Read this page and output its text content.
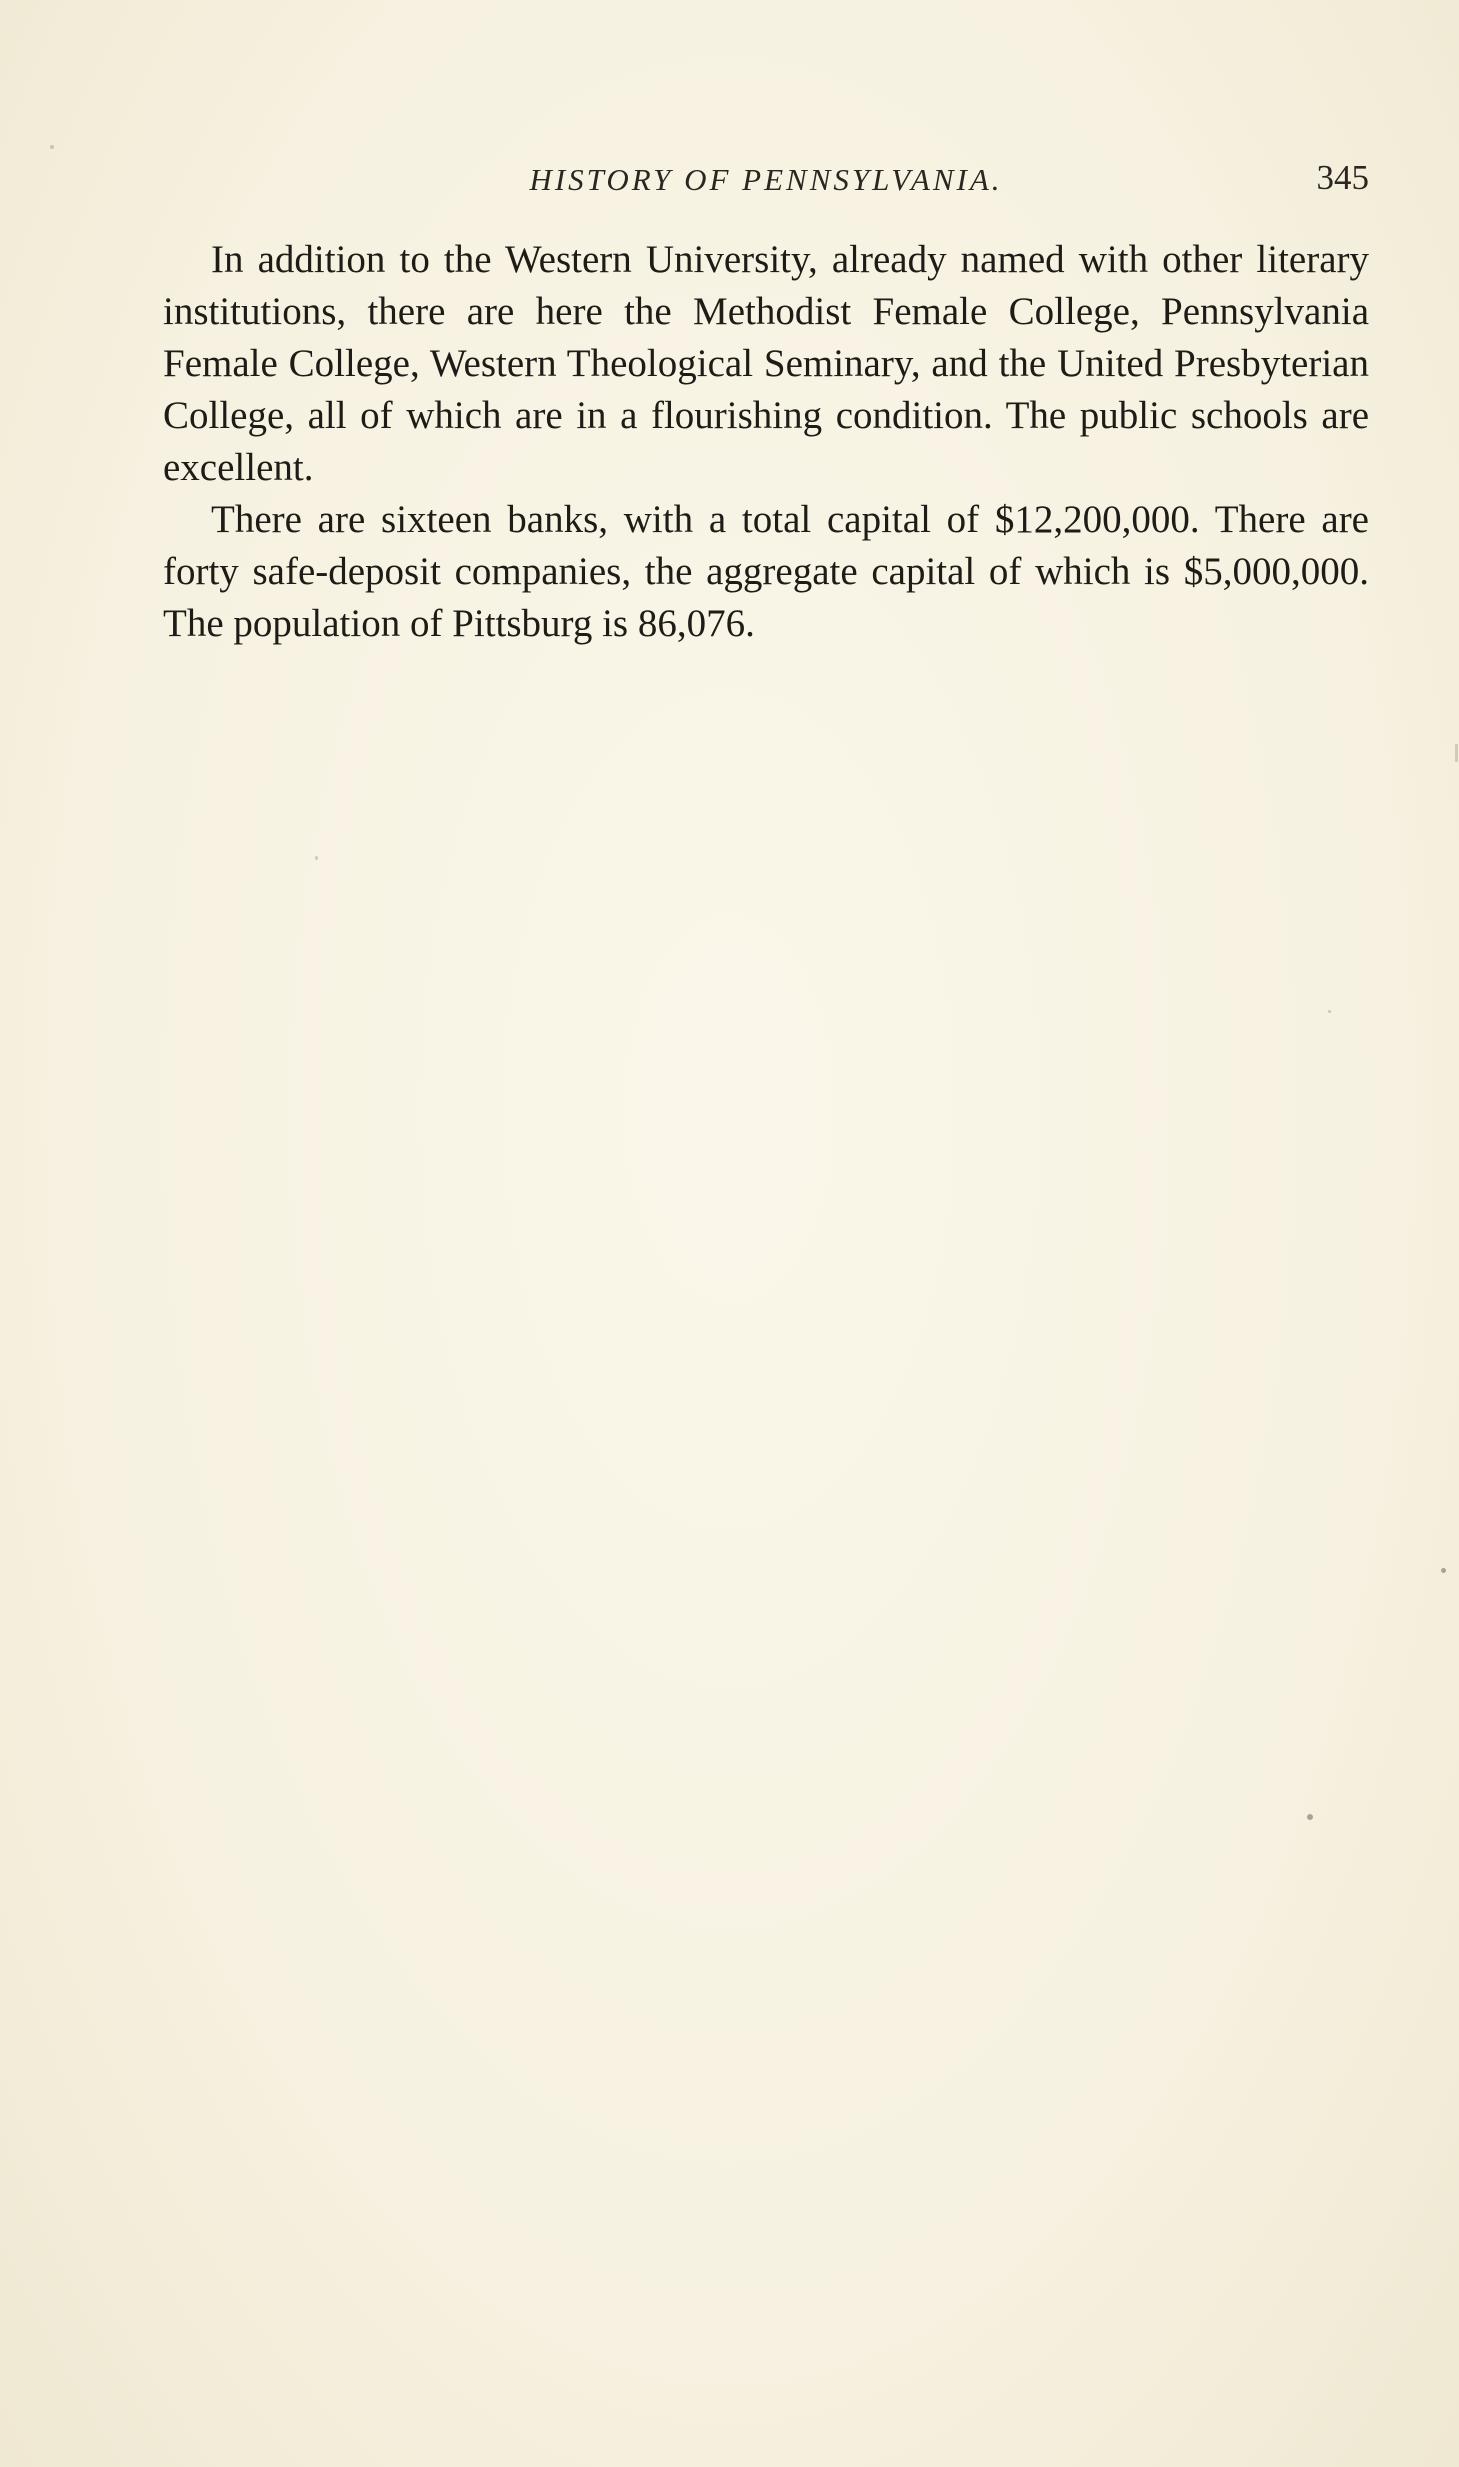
HISTORY OF PENNSYLVANIA.	345

In addition to the Western University, already named with other literary institutions, there are here the Methodist Female College, Pennsylvania Female College, Western Theological Seminary, and the United Presbyterian College, all of which are in a flourishing condition. The public schools are excellent.

There are sixteen banks, with a total capital of $12,200,000. There are forty safe-deposit companies, the aggregate capital of which is $5,000,000. The population of Pittsburg is 86,076.
